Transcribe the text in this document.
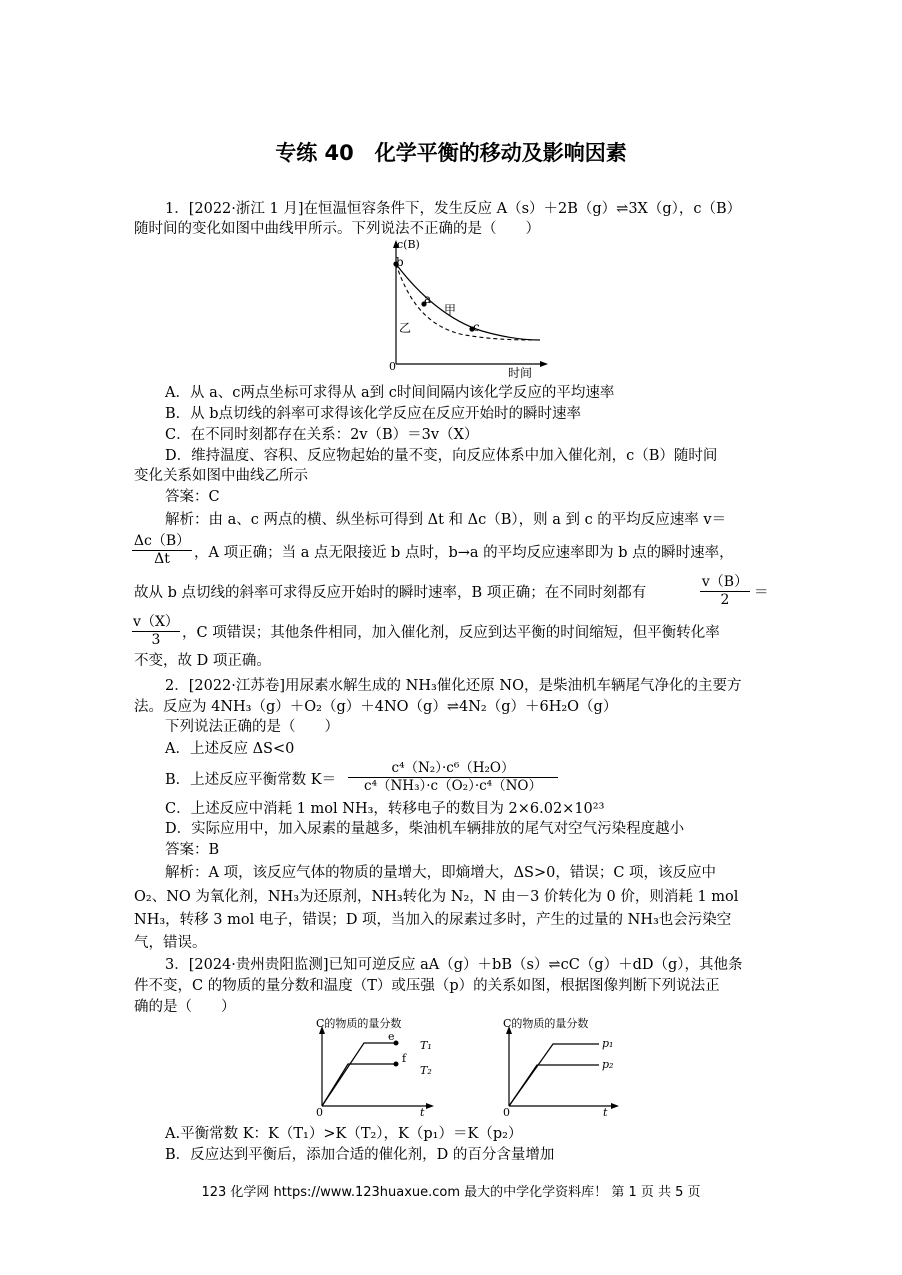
专练 40　化学平衡的移动及影响因素
1．[2022·浙江 1 月]在恒温恒容条件下，发生反应 A（s）＋2B（g）⇌3X（g），c（B）
随时间的变化如图中曲线甲所示。下列说法不正确的是（　　）
c(B)
b
a
c
甲
乙
0	时间
A．从 a、c两点坐标可求得从 a到 c时间间隔内该化学反应的平均速率
B．从 b点切线的斜率可求得该化学反应在反应开始时的瞬时速率
C．在不同时刻都存在关系：2v（B）＝3v（X）
D．维持温度、容积、反应物起始的量不变，向反应体系中加入催化剂，c（B）随时间
变化关系如图中曲线乙所示
答案：C
解析：由 a、c 两点的横、纵坐标可得到 Δt 和 Δc（B），则 a 到 c 的平均反应速率 v＝
$\frac{\Delta c(B)}{\Delta t}$ ，A 项正确；当 a 点无限接近 b 点时，b→a 的平均反应速率即为 b 点的瞬时速率，
故从 b 点切线的斜率可求得反应开始时的瞬时速率，B 项正确；在不同时刻都有	$\frac{v(B)}{2}$ ＝
$\frac{v(X)}{3}$ ，C 项错误；其他条件相同，加入催化剂，反应到达平衡的时间缩短，但平衡转化率
不变，故 D 项正确。
2．[2022·江苏卷]用尿素水解生成的 NH₃催化还原 NO，是柴油机车辆尾气净化的主要方
法。反应为 4NH₃（g）＋O₂（g）＋4NO（g）⇌4N₂（g）＋6H₂O（g）
下列说法正确的是（　　）
A．上述反应 ΔS<0
B．上述反应平衡常数 $K= \frac{\text{c⁴（N₂）·c⁶（H₂O）}}{\text{c⁴（NH₃）·c（O₂）·c⁴（NO）}}$
C．上述反应中消耗 1 mol NH₃，转移电子的数目为 2×6.02×10²³
D．实际应用中，加入尿素的量越多，柴油机车辆排放的尾气对空气污染程度越小
答案：B
解析：A 项，该反应气体的物质的量增大，即熵增大，ΔS>0，错误；C 项，该反应中
O₂、NO 为氧化剂，NH₃为还原剂，NH₃转化为 N₂，N 由－3 价转化为 0 价，则消耗 1 mol
NH₃，转移 3 mol 电子，错误；D 项，当加入的尿素过多时，产生的过量的 NH₃也会污染空
气，错误。
3．[2024·贵州贵阳监测]已知可逆反应 aA（g）＋bB（s）⇌cC（g）＋dD（g），其他条
件不变，C 的物质的量分数和温度（T）或压强（p）的关系如图，根据图像判断下列说法正
确的是（　　）
C的物质的量分数
e
f
T₁
T₂
0	t
C的物质的量分数
p₁
p₂
0	t
A.平衡常数 K：K（T₁）>K（T₂），K（p₁）＝K（p₂）
B．反应达到平衡后，添加合适的催化剂，D 的百分含量增加
123 化学网 https://www.123huaxue.com 最大的中学化学资料库！ 第 1 页 共 5 页
